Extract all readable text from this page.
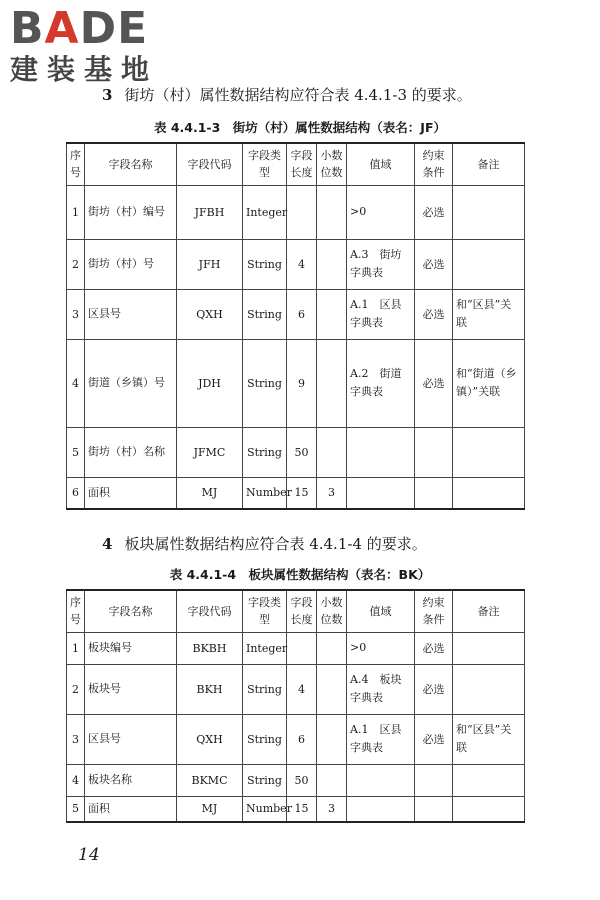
B A D E
建装基地
3 街坊（村）属性数据结构应符合表 4.4.1-3 的要求。
表 4.4.1-3　街坊（村）属性数据结构（表名：JF）
序号	字段名称	字段代码	字段类型	字段长度	小数位数	值域	约束条件	备注
1	街坊（村）编号	JFBH	Integer			>0	必选	
2	街坊（村）号	JFH	String	4		A.3　街坊字典表	必选	
3	区县号	QXH	String	6		A.1　区县字典表	必选	和“区县”关联
4	街道（乡镇）号	JDH	String	9		A.2　街道字典表	必选	和“街道（乡镇）”关联
5	街坊（村）名称	JFMC	String	50				
6	面积	MJ	Number	15	3			
4 板块属性数据结构应符合表 4.4.1-4 的要求。
表 4.4.1-4　板块属性数据结构（表名：BK）
序号	字段名称	字段代码	字段类型	字段长度	小数位数	值域	约束条件	备注
1	板块编号	BKBH	Integer			>0	必选	
2	板块号	BKH	String	4		A.4　板块字典表	必选	
3	区县号	QXH	String	6		A.1　区县字典表	必选	和“区县”关联
4	板块名称	BKMC	String	50				
5	面积	MJ	Number	15	3			
14
